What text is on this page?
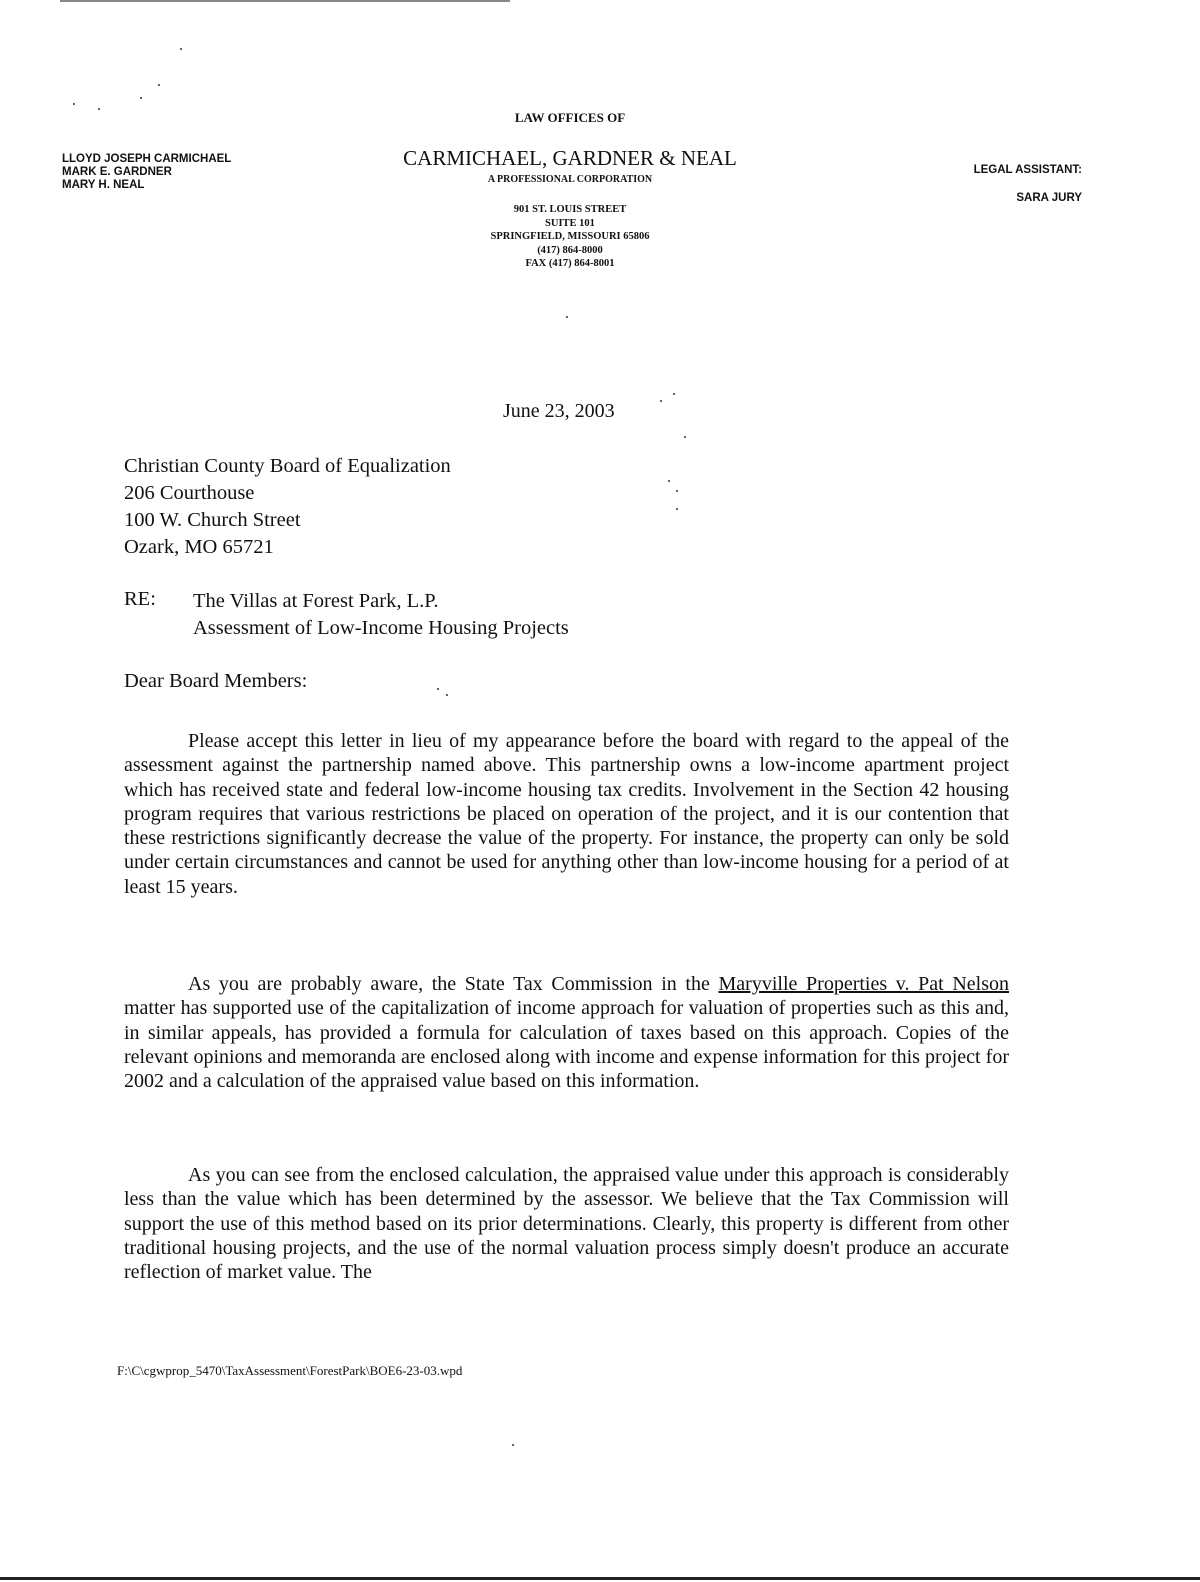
LLOYD JOSEPH CARMICHAEL
MARK E. GARDNER
MARY H. NEAL
LAW OFFICES OF
CARMICHAEL, GARDNER & NEAL
A PROFESSIONAL CORPORATION
901 ST. LOUIS STREET
SUITE 101
SPRINGFIELD, MISSOURI 65806
(417) 864-8000
FAX (417) 864-8001
LEGAL ASSISTANT:
SARA JURY
June 23, 2003
Christian County Board of Equalization
206 Courthouse
100 W. Church Street
Ozark, MO 65721
RE: The Villas at Forest Park, L.P.
Assessment of Low-Income Housing Projects
Dear Board Members:
Please accept this letter in lieu of my appearance before the board with regard to the appeal of the assessment against the partnership named above. This partnership owns a low-income apartment project which has received state and federal low-income housing tax credits. Involvement in the Section 42 housing program requires that various restrictions be placed on operation of the project, and it is our contention that these restrictions significantly decrease the value of the property. For instance, the property can only be sold under certain circumstances and cannot be used for anything other than low-income housing for a period of at least 15 years.
As you are probably aware, the State Tax Commission in the Maryville Properties v. Pat Nelson matter has supported use of the capitalization of income approach for valuation of properties such as this and, in similar appeals, has provided a formula for calculation of taxes based on this approach. Copies of the relevant opinions and memoranda are enclosed along with income and expense information for this project for 2002 and a calculation of the appraised value based on this information.
As you can see from the enclosed calculation, the appraised value under this approach is considerably less than the value which has been determined by the assessor. We believe that the Tax Commission will support the use of this method based on its prior determinations. Clearly, this property is different from other traditional housing projects, and the use of the normal valuation process simply doesn't produce an accurate reflection of market value. The
F:\C\cgwprop_5470\TaxAssessment\ForestPark\BOE6-23-03.wpd
